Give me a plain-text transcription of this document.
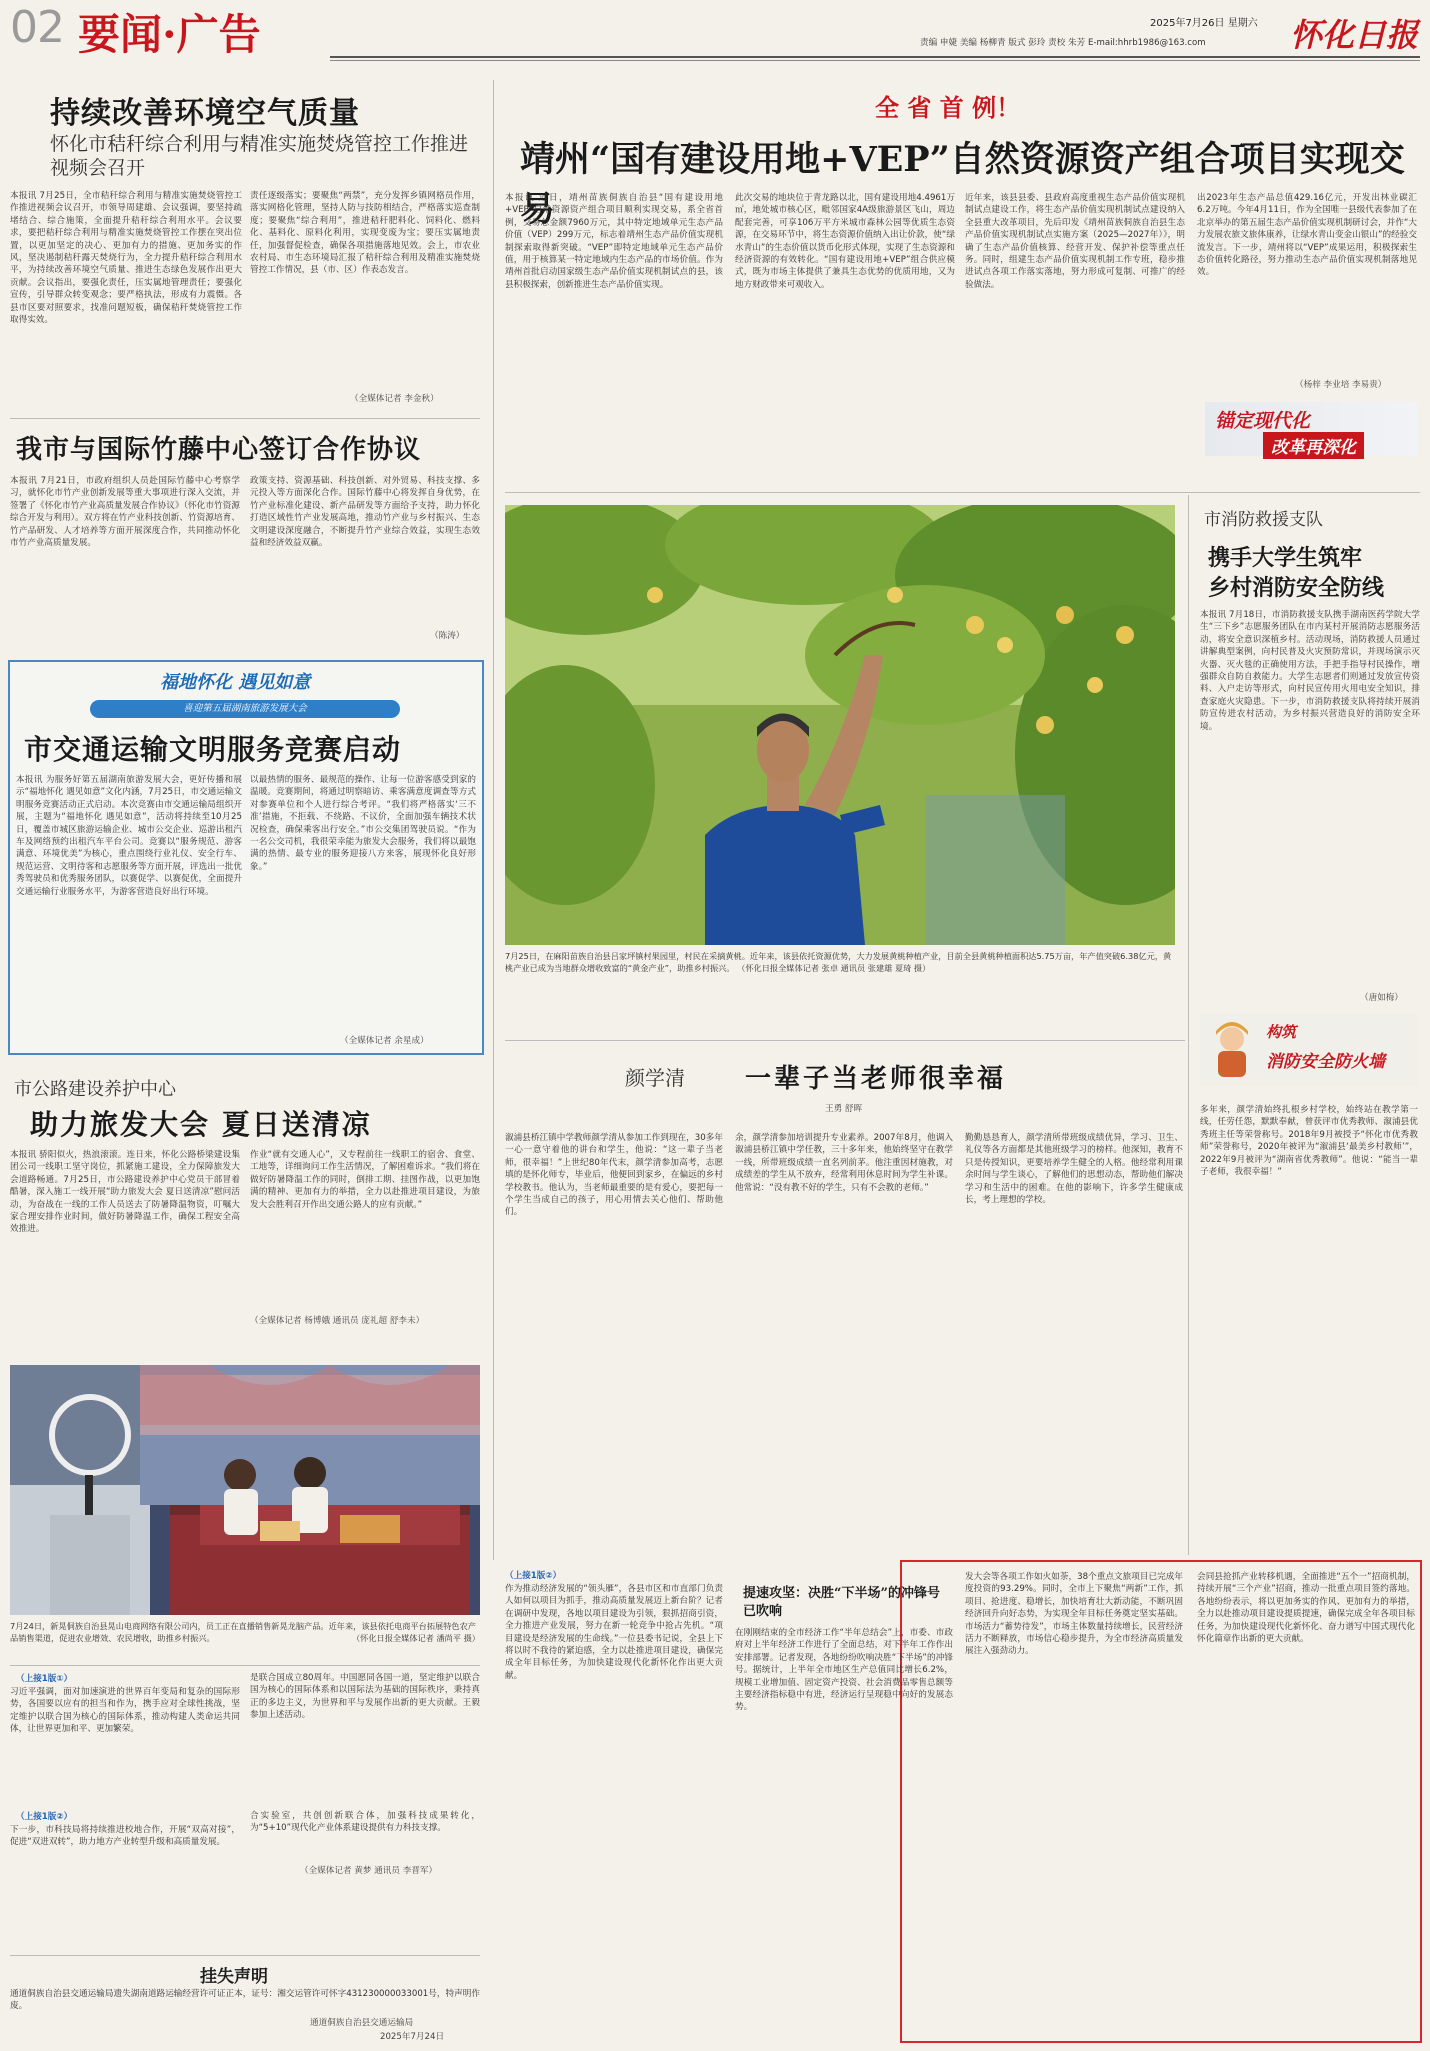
02 要闻·广告	2025年7月26日 星期六
责编 申婕 美编 杨柳青 版式 彭玲 责校 朱芳 E-mail:hhrb1986@163.com	怀化日报
持续改善环境空气质量
怀化市秸秆综合利用与精准实施焚烧管控工作推进视频会召开
本报讯 7月25日，全市秸秆综合利用与精准实施焚烧管控工作推进视频会议召开，市领导周建雄、会议强调，要坚持疏堵结合、综合施策，全面提升秸秆综合利用水平。会议要求，要把秸秆综合利用与精准实施焚烧管控工作摆在突出位置，以更加坚定的决心、更加有力的措施、更加务实的作风，坚决遏制秸秆露天焚烧行为，全力提升秸秆综合利用水平，为持续改善环境空气质量、推进生态绿色发展作出更大贡献。会议指出，要强化责任，压实属地管理责任；要强化宣传，引导群众转变观念；要严格执法，形成有力震慑。各县市区要对照要求，找准问题短板，确保秸秆焚烧管控工作取得实效。
责任逐级落实；要聚焦“两禁”，充分发挥乡镇网格员作用，落实网格化管理，坚持人防与技防相结合，严格落实巡查制度；要聚焦“综合利用”，推进秸秆肥料化、饲料化、燃料化、基料化、原料化利用，实现变废为宝；要压实属地责任，加强督促检查，确保各项措施落地见效。会上，市农业农村局、市生态环境局汇报了秸秆综合利用及精准实施焚烧管控工作情况，县（市、区）作表态发言。
（全媒体记者 李金秋）
我市与国际竹藤中心签订合作协议
本报讯 7月21日，市政府组织人员赴国际竹藤中心考察学习，就怀化市竹产业创新发展等重大事项进行深入交流，并签署了《怀化市竹产业高质量发展合作协议》（怀化市竹资源综合开发与利用）。双方将在竹产业科技创新、竹资源培育、竹产品研发、人才培养等方面开展深度合作，共同推动怀化市竹产业高质量发展。
政策支持、资源基础、科技创新、对外贸易、科技支撑、多元投入等方面深化合作。国际竹藤中心将发挥自身优势，在竹产业标准化建设、新产品研发等方面给予支持，助力怀化打造区域性竹产业发展高地，推动竹产业与乡村振兴、生态文明建设深度融合，不断提升竹产业综合效益，实现生态效益和经济效益双赢。
（陈涛）
福地怀化 遇见如意
喜迎第五届湖南旅游发展大会
市交通运输文明服务竞赛启动
本报讯 为服务好第五届湖南旅游发展大会，更好传播和展示“福地怀化 遇见如意”文化内涵，7月25日，市交通运输文明服务竞赛活动正式启动。本次竞赛由市交通运输局组织开展，主题为“福地怀化 遇见如意”，活动将持续至10月25日，覆盖市城区旅游运输企业、城市公交企业、巡游出租汽车及网络预约出租汽车平台公司。竞赛以“服务规范、游客满意、环境优美”为核心，重点围绕行业礼仪、安全行车、规范运营、文明待客和志愿服务等方面开展，评选出一批优秀驾驶员和优秀服务团队，以赛促学、以赛促优，全面提升交通运输行业服务水平，为游客营造良好出行环境。
以最热情的服务、最规范的操作、让每一位游客感受到家的温暖。竞赛期间，将通过明察暗访、乘客满意度调查等方式对参赛单位和个人进行综合考评。“我们将严格落实‘三不准’措施，不拒载、不绕路、不议价，全面加强车辆技术状况检查，确保乘客出行安全。”市公交集团驾驶员说。“作为一名公交司机，我很荣幸能为旅发大会服务，我们将以最饱满的热情、最专业的服务迎接八方来客，展现怀化良好形象。”
（全媒体记者 余星成）
市公路建设养护中心
助力旅发大会 夏日送清凉
本报讯 骄阳似火，热浪滚滚。连日来，怀化公路桥梁建设集团公司一线职工坚守岗位，抓紧施工建设，全力保障旅发大会道路畅通。7月25日，市公路建设养护中心党员干部冒着酷暑，深入施工一线开展“助力旅发大会 夏日送清凉”慰问活动，为奋战在一线的工作人员送去了防暑降温物资，叮嘱大家合理安排作业时间，做好防暑降温工作，确保工程安全高效推进。
作业“就有交通人心”，又专程前往一线职工的宿舍、食堂、工地等，详细询问工作生活情况，了解困难诉求。“我们将在做好防暑降温工作的同时，倒排工期、挂图作战，以更加饱满的精神、更加有力的举措，全力以赴推进项目建设，为旅发大会胜利召开作出交通公路人的应有贡献。”
（全媒体记者 杨博娥 通讯员 庞礼超 舒李未）
7月24日，新晃侗族自治县晃山电商网络有限公司内，员工正在直播销售新晃龙脑产品。近年来，该县依托电商平台拓展特色农产品销售渠道，促进农业增效、农民增收，助推乡村振兴。	（怀化日报全媒体记者 潘尚平 摄）
（上接1版①）
习近平强调，面对加速演进的世界百年变局和复杂的国际形势，各国要以应有的担当和作为，携手应对全球性挑战，坚定维护以联合国为核心的国际体系，推动构建人类命运共同体，让世界更加和平、更加繁荣。
是联合国成立80周年。中国愿同各国一道，坚定维护以联合国为核心的国际体系和以国际法为基础的国际秩序，秉持真正的多边主义，为世界和平与发展作出新的更大贡献。王毅参加上述活动。
（上接1版②）
下一步，市科技局将持续推进校地合作，开展“双高对接”，促进“双进双转”，助力地方产业转型升级和高质量发展。
合实验室，共创创新联合体，加强科技成果转化，为“5+10”现代化产业体系建设提供有力科技支撑。
（全媒体记者 黄梦 通讯员 李晋军）
挂失声明
通道侗族自治县交通运输局遗失湖南道路运输经营许可证正本，证号：湘交运管许可怀字431230000033001号，特声明作废。
通道侗族自治县交通运输局
2025年7月24日
全 省 首 例！
靖州“国有建设用地+VEP”自然资源资产组合项目实现交易
本报讯 近日，靖州苗族侗族自治县“国有建设用地+VEP”自然资源资产组合项目顺利实现交易，系全省首例，交易总金额7960万元，其中特定地域单元生态产品价值（VEP）299万元，标志着靖州生态产品价值实现机制探索取得新突破。“VEP”即特定地域单元生态产品价值，用于核算某一特定地域内生态产品的市场价值。作为靖州首批启动国家级生态产品价值实现机制试点的县，该县积极探索，创新推进生态产品价值实现。
此次交易的地块位于青龙路以北，国有建设用地4.4961万㎡，地处城市核心区，毗邻国家4A级旅游景区飞山，周边配套完善，可享106万平方米城市森林公园等优质生态资源，在交易环节中，将生态资源价值纳入出让价款，使“绿水青山”的生态价值以货币化形式体现，实现了生态资源和经济资源的有效转化。“国有建设用地+VEP”组合供应模式，既为市场主体提供了兼具生态优势的优质用地，又为地方财政带来可观收入。
近年来，该县县委、县政府高度重视生态产品价值实现机制试点建设工作，将生态产品价值实现机制试点建设纳入全县重大改革项目，先后印发《靖州苗族侗族自治县生态产品价值实现机制试点实施方案（2025—2027年）》，明确了生态产品价值核算、经营开发、保护补偿等重点任务。同时，组建生态产品价值实现机制工作专班，稳步推进试点各项工作落实落地，努力形成可复制、可推广的经验做法。
出2023年生态产品总值429.16亿元，开发出林业碳汇6.2万吨。今年4月11日，作为全国唯一县级代表参加了在北京举办的第五届生态产品价值实现机制研讨会，并作“大力发展农旅文旅体康养，让绿水青山变金山银山”的经验交流发言。下一步，靖州将以“VEP”成果运用，积极探索生态价值转化路径，努力推动生态产品价值实现机制落地见效。
（杨梓 李业培 李易贵）
锚定现代化
改革再深化
7月25日，在麻阳苗族自治县吕家坪镇村果园里，村民在采摘黄桃。近年来，该县依托资源优势，大力发展黄桃种植产业，目前全县黄桃种植面积达5.75万亩，年产值突破6.38亿元，黄桃产业已成为当地群众增收致富的“黄金产业”，助推乡村振兴。 （怀化日报全媒体记者 张卓 通讯员 张建雄 夏琦 摄）
市消防救援支队
携手大学生筑牢
乡村消防安全防线
本报讯 7月18日，市消防救援支队携手湖南医药学院大学生“三下乡”志愿服务团队在市内某村开展消防志愿服务活动，将安全意识深植乡村。活动现场，消防救援人员通过讲解典型案例，向村民普及火灾预防常识，并现场演示灭火器、灭火毯的正确使用方法，手把手指导村民操作，增强群众自防自救能力。大学生志愿者们则通过发放宣传资料、入户走访等形式，向村民宣传用火用电安全知识，排查家庭火灾隐患。下一步，市消防救援支队将持续开展消防宣传进农村活动，为乡村振兴营造良好的消防安全环境。
（唐如梅）
构筑
消防安全防火墙
颜学清 一辈子当老师很幸福
王勇 舒晖
溆浦县桥江镇中学教师颜学清从参加工作到现在，30多年一心一意守着他的讲台和学生，他说：“这一辈子当老师，很幸福！”上世纪80年代末，颜学清参加高考，志愿填的是怀化师专，毕业后，他便回到家乡，在偏远的乡村学校教书。他认为，当老师最重要的是有爱心，要把每一个学生当成自己的孩子，用心用情去关心他们、帮助他们。
余，颜学清参加培训提升专业素养。2007年8月，他调入溆浦县桥江镇中学任教，三十多年来，他始终坚守在教学一线，所带班级成绩一直名列前茅。他注重因材施教，对成绩差的学生从不放弃，经常利用休息时间为学生补课。他常说：“没有教不好的学生，只有不会教的老师。”
勤勤恳恳育人，颜学清所带班级成绩优异，学习、卫生、礼仪等各方面都是其他班级学习的榜样。他深知，教育不只是传授知识，更要培养学生健全的人格。他经常利用课余时间与学生谈心，了解他们的思想动态，帮助他们解决学习和生活中的困难。在他的影响下，许多学生健康成长，考上理想的学校。
多年来，颜学清始终扎根乡村学校，始终站在教学第一线，任劳任怨，默默奉献，曾获评市优秀教师、溆浦县优秀班主任等荣誉称号。2018年9月被授予“怀化市优秀教师”荣誉称号，2020年被评为“溆浦县‘最美乡村教师’”，2022年9月被评为“湖南省优秀教师”。他说：“能当一辈子老师，我很幸福！”
（上接1版②）
作为推动经济发展的“领头雁”，各县市区和市直部门负责人如何以项目为抓手，推动高质量发展迈上新台阶？记者在调研中发现，各地以项目建设为引领，狠抓招商引资，全力推进产业发展，努力在新一轮竞争中抢占先机。“项目建设是经济发展的生命线。”一位县委书记说，全县上下将以时不我待的紧迫感，全力以赴推进项目建设，确保完成全年目标任务，为加快建设现代化新怀化作出更大贡献。
提速攻坚：决胜“下半场”的冲锋号已吹响
在刚刚结束的全市经济工作“半年总结会”上，市委、市政府对上半年经济工作进行了全面总结，对下半年工作作出安排部署。记者发现，各地纷纷吹响决胜“下半场”的冲锋号。据统计，上半年全市地区生产总值同比增长6.2%，规模工业增加值、固定资产投资、社会消费品零售总额等主要经济指标稳中有进，经济运行呈现稳中向好的发展态势。
发大会等各项工作如火如荼，38个重点文旅项目已完成年度投资的93.29%。同时，全市上下聚焦“两新”工作，抓项目、抢进度、稳增长，加快培育壮大新动能，不断巩固经济回升向好态势，为实现全年目标任务奠定坚实基础。市场活力“蓄势待发”，市场主体数量持续增长，民营经济活力不断释放，市场信心稳步提升，为全市经济高质量发展注入强劲动力。
会同县抢抓产业转移机遇，全面推进“五个一”招商机制，持续开展“三个产业”招商，推动一批重点项目签约落地。各地纷纷表示，将以更加务实的作风、更加有力的举措，全力以赴推动项目建设提质提速，确保完成全年各项目标任务，为加快建设现代化新怀化、奋力谱写中国式现代化怀化篇章作出新的更大贡献。
